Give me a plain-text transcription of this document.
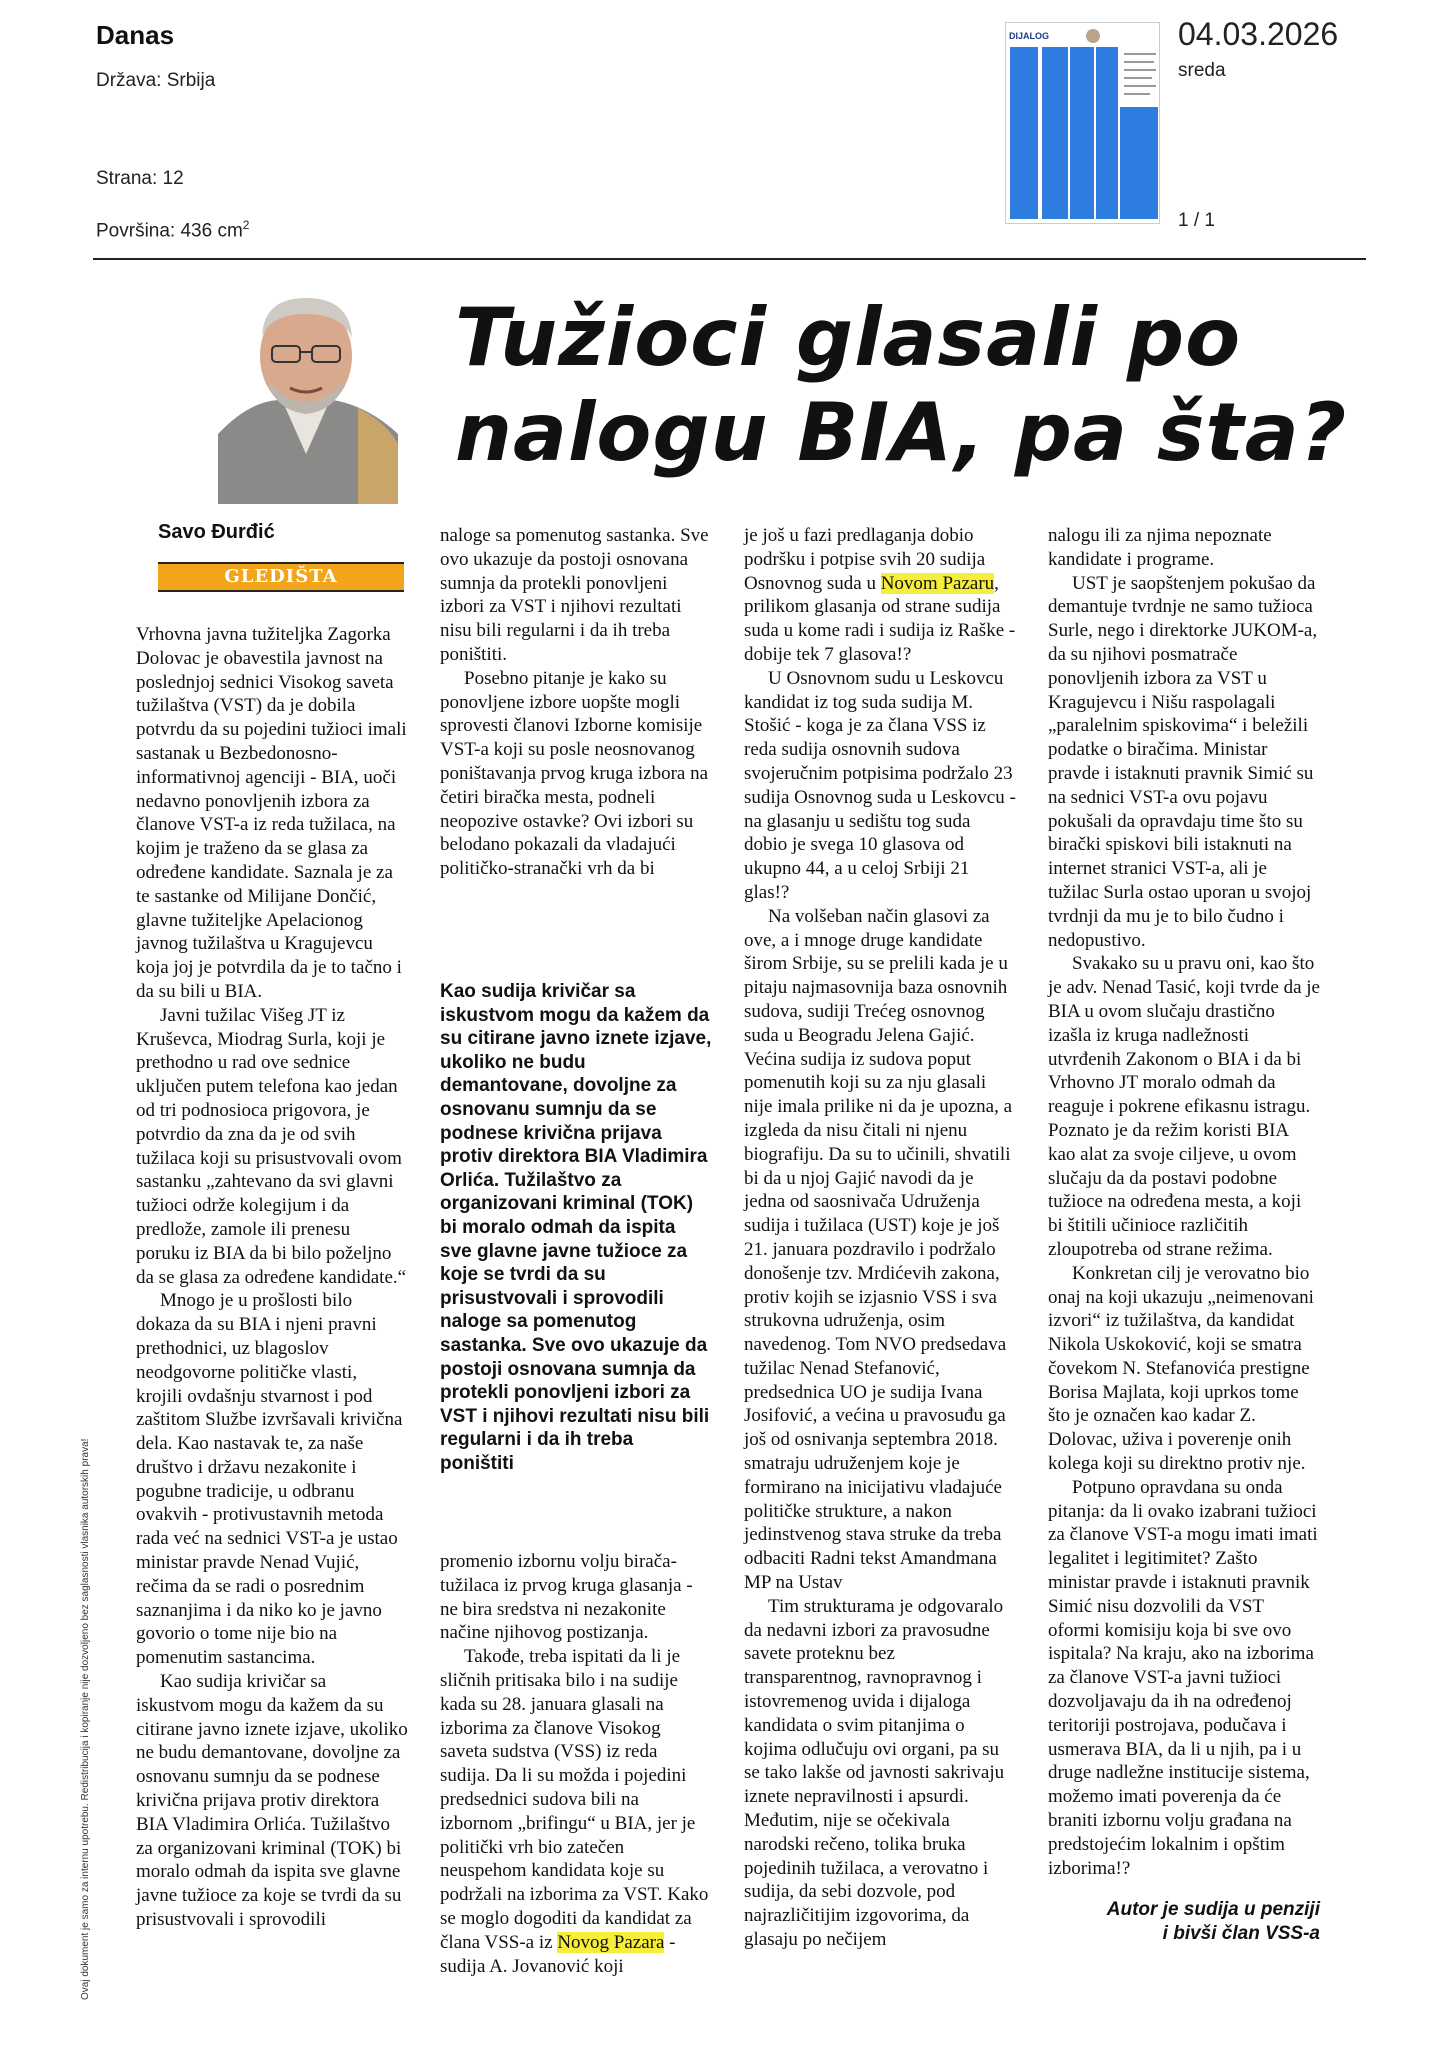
Danas
Država: Srbija
Strana: 12
Površina: 436 $cm^2$
DIJALOG	04.03.2026
sreda
1 / 1
Ovaj dokument je samo za internu upotrebu. Redistribucija i kopiranje nije dozvoljeno bez saglasnosti vlasnika autorskih prava!
Savo Đurđić
GLEDIŠTA
Tužioci glasali po nalogu BIA, pa šta?

Vrhovna javna tužiteljka Zagorka Dolovac je obavestila javnost na poslednjoj sednici Visokog saveta tužilaštva (VST) da je dobila potvrdu da su pojedini tužioci imali sastanak u Bezbedonosno-informativnoj agenciji - BIA, uoči nedavno ponovljenih izbora za članove VST-a iz reda tužilaca, na kojim je traženo da se glasa za određene kandidate. Saznala je za te sastanke od Milijane Dončić, glavne tužiteljke Apelacionog javnog tužilaštva u Kragujevcu koja joj je potvrdila da je to tačno i da su bili u BIA.

Javni tužilac Višeg JT iz Kruševca, Miodrag Surla, koji je prethodno u rad ove sednice uključen putem telefona kao jedan od tri podnosioca prigovora, je potvrdio da zna da je od svih tužilaca koji su prisustvovali ovom sastanku „zahtevano da svi glavni tužioci održe kolegijum i da predlože, zamole ili prenesu poruku iz BIA da bi bilo poželjno da se glasa za određene kandidate.“

Mnogo je u prošlosti bilo dokaza da su BIA i njeni pravni prethodnici, uz blagoslov neodgovorne političke vlasti, krojili ovdašnju stvarnost i pod zaštitom Službe izvršavali krivična dela. Kao nastavak te, za naše društvo i državu nezakonite i pogubne tradicije, u odbranu ovakvih - protivustavnih metoda rada već na sednici VST-a je ustao ministar pravde Nenad Vujić, rečima da se radi o posrednim saznanjima i da niko ko je javno govorio o tome nije bio na pomenutim sastancima.

Kao sudija krivičar sa iskustvom mogu da kažem da su citirane javno iznete izjave, ukoliko ne budu demantovane, dovoljne za osnovanu sumnju da se podnese krivična prijava protiv direktora BIA Vladimira Orlića. Tužilaštvo za organizovani kriminal (TOK) bi moralo odmah da ispita sve glavne javne tužioce za koje se tvrdi da su prisustvovali i sprovodili

naloge sa pomenutog sastanka. Sve ovo ukazuje da postoji osnovana sumnja da protekli ponovljeni izbori za VST i njihovi rezultati nisu bili regularni i da ih treba poništiti.

Posebno pitanje je kako su ponovljene izbore uopšte mogli sprovesti članovi Izborne komisije VST-a koji su posle neosnovanog poništavanja prvog kruga izbora na četiri biračka mesta, podneli neopozive ostavke? Ovi izbori su belodano pokazali da vladajući političko-stranački vrh da bi

Kao sudija krivičar sa iskustvom mogu da kažem da su citirane javno iznete izjave, ukoliko ne budu demantovane, dovoljne za osnovanu sumnju da se podnese krivična prijava protiv direktora BIA Vladimira Orlića. Tužilaštvo za organizovani kriminal (TOK) bi moralo odmah da ispita sve glavne javne tužioce za koje se tvrdi da su prisustvovali i sprovodili naloge sa pomenutog sastanka. Sve ovo ukazuje da postoji osnovana sumnja da protekli ponovljeni izbori za VST i njihovi rezultati nisu bili regularni i da ih treba poništiti

promenio izbornu volju birača-tužilaca iz prvog kruga glasanja - ne bira sredstva ni nezakonite načine njihovog postizanja.

Takođe, treba ispitati da li je sličnih pritisaka bilo i na sudije kada su 28. januara glasali na izborima za članove Visokog saveta sudstva (VSS) iz reda sudija. Da li su možda i pojedini predsednici sudova bili na izbornom „brifingu“ u BIA, jer je politički vrh bio zatečen neuspehom kandidata koje su podržali na izborima za VST. Kako se moglo dogoditi da kandidat za člana VSS-a iz Novog Pazara - sudija A. Jovanović koji

je još u fazi predlaganja dobio podršku i potpise svih 20 sudija Osnovnog suda u Novom Pazaru, prilikom glasanja od strane sudija suda u kome radi i sudija iz Raške - dobije tek 7 glasova!?

U Osnovnom sudu u Leskovcu kandidat iz tog suda sudija M. Stošić - koga je za člana VSS iz reda sudija osnovnih sudova svojeručnim potpisima podržalo 23 sudija Osnovnog suda u Leskovcu - na glasanju u sedištu tog suda dobio je svega 10 glasova od ukupno 44, a u celoj Srbiji 21 glas!?

Na volšeban način glasovi za ove, a i mnoge druge kandidate širom Srbije, su se prelili kada je u pitaju najmasovnija baza osnovnih sudova, sudiji Trećeg osnovnog suda u Beogradu Jelena Gajić. Većina sudija iz sudova poput pomenutih koji su za nju glasali nije imala prilike ni da je upozna, a izgleda da nisu čitali ni njenu biografiju. Da su to učinili, shvatili bi da u njoj Gajić navodi da je jedna od saosnivača Udruženja sudija i tužilaca (UST) koje je još 21. januara pozdravilo i podržalo donošenje tzv. Mrdićevih zakona, protiv kojih se izjasnio VSS i sva strukovna udruženja, osim navedenog. Tom NVO predsedava tužilac Nenad Stefanović, predsednica UO je sudija Ivana Josifović, a većina u pravosuđu ga još od osnivanja septembra 2018. smatraju udruženjem koje je formirano na inicijativu vladajuće političke strukture, a nakon jedinstvenog stava struke da treba odbaciti Radni tekst Amandmana MP na Ustav

Tim strukturama je odgovaralo da nedavni izbori za pravosudne savete proteknu bez transparentnog, ravnopravnog i istovremenog uvida i dijaloga kandidata o svim pitanjima o kojima odlučuju ovi organi, pa su se tako lakše od javnosti sakrivaju iznete nepravilnosti i apsurdi. Međutim, nije se očekivala narodski rečeno, tolika bruka pojedinih tužilaca, a verovatno i sudija, da sebi dozvole, pod najrazličitijim izgovorima, da glasaju po nečijem

nalogu ili za njima nepoznate kandidate i programe.

UST je saopštenjem pokušao da demantuje tvrdnje ne samo tužioca Surle, nego i direktorke JUKOM-a, da su njihovi posmatrače ponovljenih izbora za VST u Kragujevcu i Nišu raspolagali „paralelnim spiskovima“ i beležili podatke o biračima. Ministar pravde i istaknuti pravnik Simić su na sednici VST-a ovu pojavu pokušali da opravdaju time što su birački spiskovi bili istaknuti na internet stranici VST-a, ali je tužilac Surla ostao uporan u svojoj tvrdnji da mu je to bilo čudno i nedopustivo.

Svakako su u pravu oni, kao što je adv. Nenad Tasić, koji tvrde da je BIA u ovom slučaju drastično izašla iz kruga nadležnosti utvrđenih Zakonom o BIA i da bi Vrhovno JT moralo odmah da reaguje i pokrene efikasnu istragu. Poznato je da režim koristi BIA kao alat za svoje ciljeve, u ovom slučaju da da postavi podobne tužioce na određena mesta, a koji bi štitili učinioce različitih zloupotreba od strane režima.

Konkretan cilj je verovatno bio onaj na koji ukazuju „neimenovani izvori“ iz tužilaštva, da kandidat Nikola Uskoković, koji se smatra čovekom N. Stefanovića prestigne Borisa Majlata, koji uprkos tome što je označen kao kadar Z. Dolovac, uživa i poverenje onih kolega koji su direktno protiv nje.

Potpuno opravdana su onda pitanja: da li ovako izabrani tužioci za članove VST-a mogu imati imati legalitet i legitimitet? Zašto ministar pravde i istaknuti pravnik Simić nisu dozvolili da VST oformi komisiju koja bi sve ovo ispitala? Na kraju, ako na izborima za članove VST-a javni tužioci dozvoljavaju da ih na određenoj teritoriji postrojava, podučava i usmerava BIA, da li u njih, pa i u druge nadležne institucije sistema, možemo imati poverenja da će braniti izbornu volju građana na predstojećim lokalnim i opštim izborima!?

Autor je sudija u penziji
i bivši član VSS-a
